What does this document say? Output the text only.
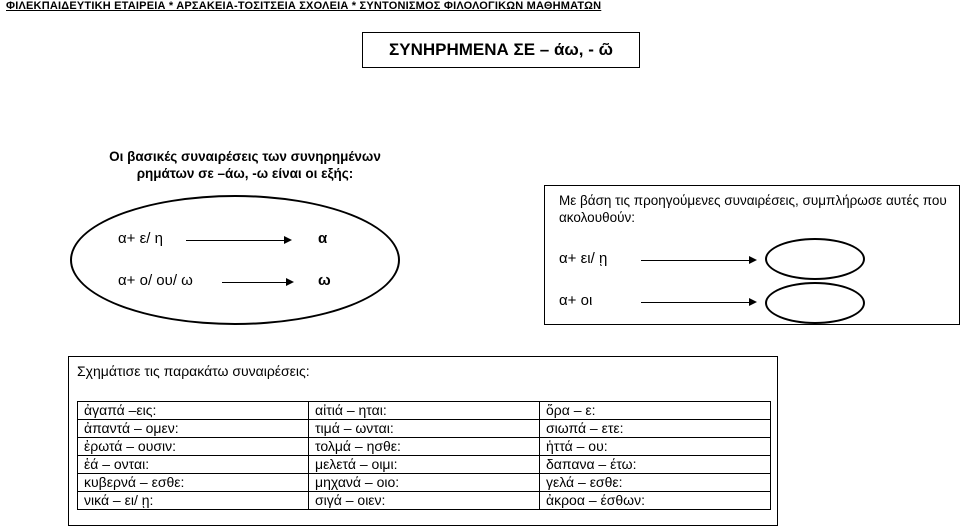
ΦΙΛΕΚΠΑΙΔΕΥΤΙΚΗ ΕΤΑΙΡΕΙΑ * ΑΡΣΑΚΕΙΑ-ΤΟΣΙΤΣΕΙΑ ΣΧΟΛΕΙΑ * ΣΥΝΤΟΝΙΣΜΟΣ ΦΙΛΟΛΟΓΙΚΩΝ ΜΑΘΗΜΑΤΩΝ
ΣΥΝΗΡΗΜΕΝΑ ΣΕ – άω, - ῶ
Οι βασικές συναιρέσεις των συνηρημένων
ρημάτων σε –άω, -ω είναι οι εξής:
α+ ε/ η	α
α+ ο/ ου/ ω	ω
Με βάση τις προηγούμενες συναιρέσεις, συμπλήρωσε αυτές που ακολουθούν:
α+ ει/ ῃ
α+ οι
Σχημάτισε τις παρακάτω συναιρέσεις:
ἀγαπά –εις:	αἰτιά – ηται:	ὅρα – ε:
ἀπαντά – ομεν:	τιμά – ωνται:	σιωπά – ετε:
ἐρωτά – ουσιν:	τολμά – ησθε:	ἡττά – ου:
ἑά – ονται:	μελετά – οιμι:	δαπανα – έτω:
κυβερνά – εσθε:	μηχανά – οιο:	γελά – εσθε:
νικά – ει/ ῃ:	σιγά – οιεν:	ἀκροα – έσθων:
